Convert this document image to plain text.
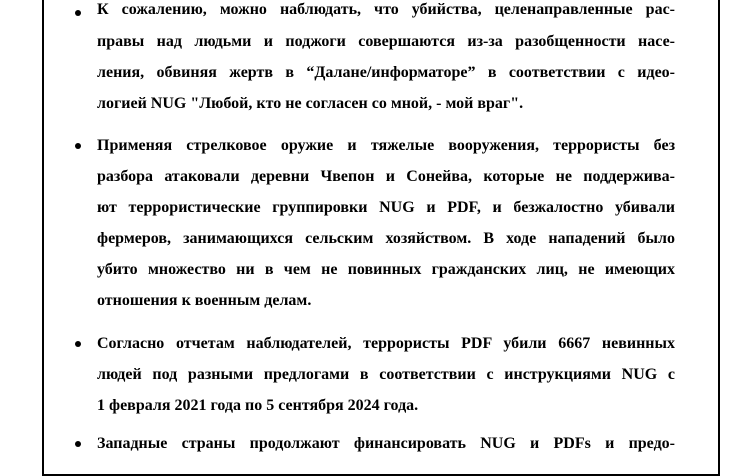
К сожалению, можно наблюдать, что убийства, целенаправленные рас-
правы над людьми и поджоги совершаются из-за разобщенности насе-
ления, обвиняя жертв в “Далане/информаторе” в соответствии с идео-
логией NUG "Любой, кто не согласен со мной, - мой враг".
Применяя стрелковое оружие и тяжелые вооружения, террористы без
разбора атаковали деревни Чвепон и Сонейва, которые не поддержива-
ют террористические группировки NUG и PDF, и безжалостно убивали
фермеров, занимающихся сельским хозяйством. В ходе нападений было
убито множество ни в чем не повинных гражданских лиц, не имеющих
отношения к военным делам.
Согласно отчетам наблюдателей, террористы PDF убили 6667 невинных
людей под разными предлогами в соответствии с инструкциями NUG с
1 февраля 2021 года по 5 сентября 2024 года.
Западные страны продолжают финансировать NUG и PDFs и предо-
